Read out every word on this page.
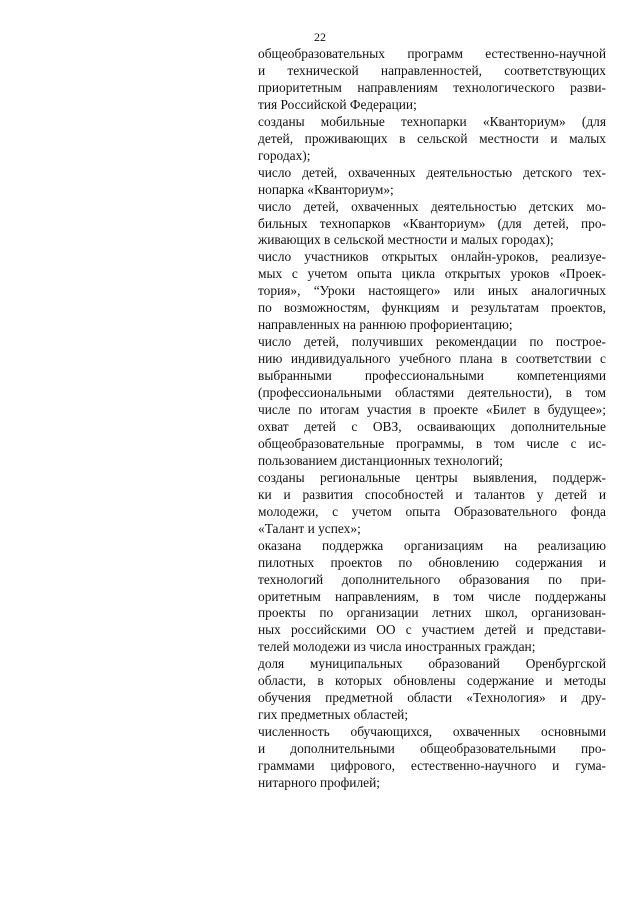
22
общеобразовательных программ естественно-научной
и технической направленностей, соответствующих
приоритетным направлениям технологического разви-
тия Российской Федерации;
созданы мобильные технопарки «Кванториум» (для
детей, проживающих в сельской местности и малых
городах);
число детей, охваченных деятельностью детского тех-
нопарка «Кванториум»;
число детей, охваченных деятельностью детских мо-
бильных технопарков «Кванториум» (для детей, про-
живающих в сельской местности и малых городах);
число участников открытых онлайн-уроков, реализуе-
мых с учетом опыта цикла открытых уроков «Проек-
тория», “Уроки настоящего» или иных аналогичных
по возможностям, функциям и результатам проектов,
направленных на раннюю профориентацию;
число детей, получивших рекомендации по построе-
нию индивидуального учебного плана в соответствии с
выбранными профессиональными компетенциями
(профессиональными областями деятельности), в том
числе по итогам участия в проекте «Билет в будущее»;
охват детей с ОВЗ, осваивающих дополнительные
общеобразовательные программы, в том числе с ис-
пользованием дистанционных технологий;
созданы региональные центры выявления, поддерж-
ки и развития способностей и талантов у детей и
молодежи, с учетом опыта Образовательного фонда
«Талант и успех»;
оказана поддержка организациям на реализацию
пилотных проектов по обновлению содержания и
технологий дополнительного образования по при-
оритетным направлениям, в том числе поддержаны
проекты по организации летних школ, организован-
ных российскими ОО с участием детей и представи-
телей молодежи из числа иностранных граждан;
доля муниципальных образований Оренбургской
области, в которых обновлены содержание и методы
обучения предметной области «Технология» и дру-
гих предметных областей;
численность обучающихся, охваченных основными
и дополнительными общеобразовательными про-
граммами цифрового, естественно-научного и гума-
нитарного профилей;
